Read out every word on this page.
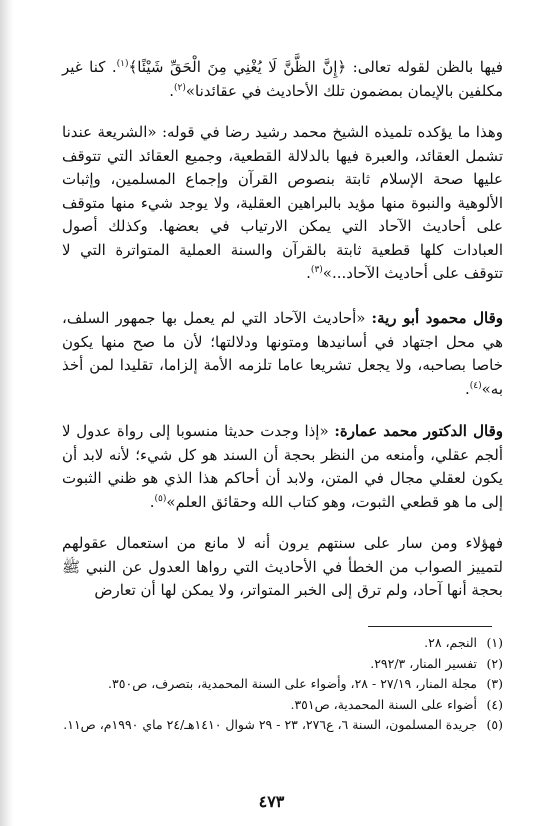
فيها بالظن لقوله تعالى: ﴿إِنَّ الظَّنَّ لَا يُغْنِي مِنَ الْحَقِّ شَيْئًا﴾$^{(١)}$. كنا غير مكلفين بالإيمان بمضمون تلك الأحاديث في عقائدنا»$^{(٢)}$.

وهذا ما يؤكده تلميذه الشيخ محمد رشيد رضا في قوله: «الشريعة عندنا تشمل العقائد، والعبرة فيها بالدلالة القطعية، وجميع العقائد التي تتوقف عليها صحة الإسلام ثابتة بنصوص القرآن وإجماع المسلمين، وإثبات الألوهية والنبوة منها مؤيد بالبراهين العقلية، ولا يوجد شيء منها متوقف على أحاديث الآحاد التي يمكن الارتياب في بعضها. وكذلك أصول العبادات كلها قطعية ثابتة بالقرآن والسنة العملية المتواترة التي لا تتوقف على أحاديث الآحاد...»$^{(٣)}$.

وقال محمود أبو رية: «أحاديث الآحاد التي لم يعمل بها جمهور السلف، هي محل اجتهاد في أسانيدها ومتونها ودلالتها؛ لأن ما صح منها يكون خاصا بصاحبه، ولا يجعل تشريعا عاما تلزمه الأمة إلزاما، تقليدا لمن أخذ به»$^{(٤)}$.

وقال الدكتور محمد عمارة: «إذا وجدت حديثا منسوبا إلى رواة عدول لا ألجم عقلي، وأمنعه من النظر بحجة أن السند هو كل شيء؛ لأنه لابد أن يكون لعقلي مجال في المتن، ولابد أن أحاكم هذا الذي هو ظني الثبوت إلى ما هو قطعي الثبوت، وهو كتاب الله وحقائق العلم»$^{(٥)}$.

فهؤلاء ومن سار على سنتهم يرون أنه لا مانع من استعمال عقولهم لتمييز الصواب من الخطأ في الأحاديث التي رواها العدول عن النبي ﷺ بحجة أنها آحاد، ولم ترق إلى الخبر المتواتر، ولا يمكن لها أن تعارض

(١)
النجم، ٢٨.
(٢)
تفسير المنار، ٢٩٢/٣.
(٣)
مجلة المنار، ٢٧/١٩ - ٢٨، وأضواء على السنة المحمدية، بتصرف، ص٣٥٠.
(٤)
أضواء على السنة المحمدية، ص٣٥١.
(٥)
جريدة المسلمون، السنة ٦، ع٢٧٦، ٢٣ - ٢٩ شوال ١٤١٠هـ/٢٤ ماي ١٩٩٠م، ص١١.
٤٧٣
